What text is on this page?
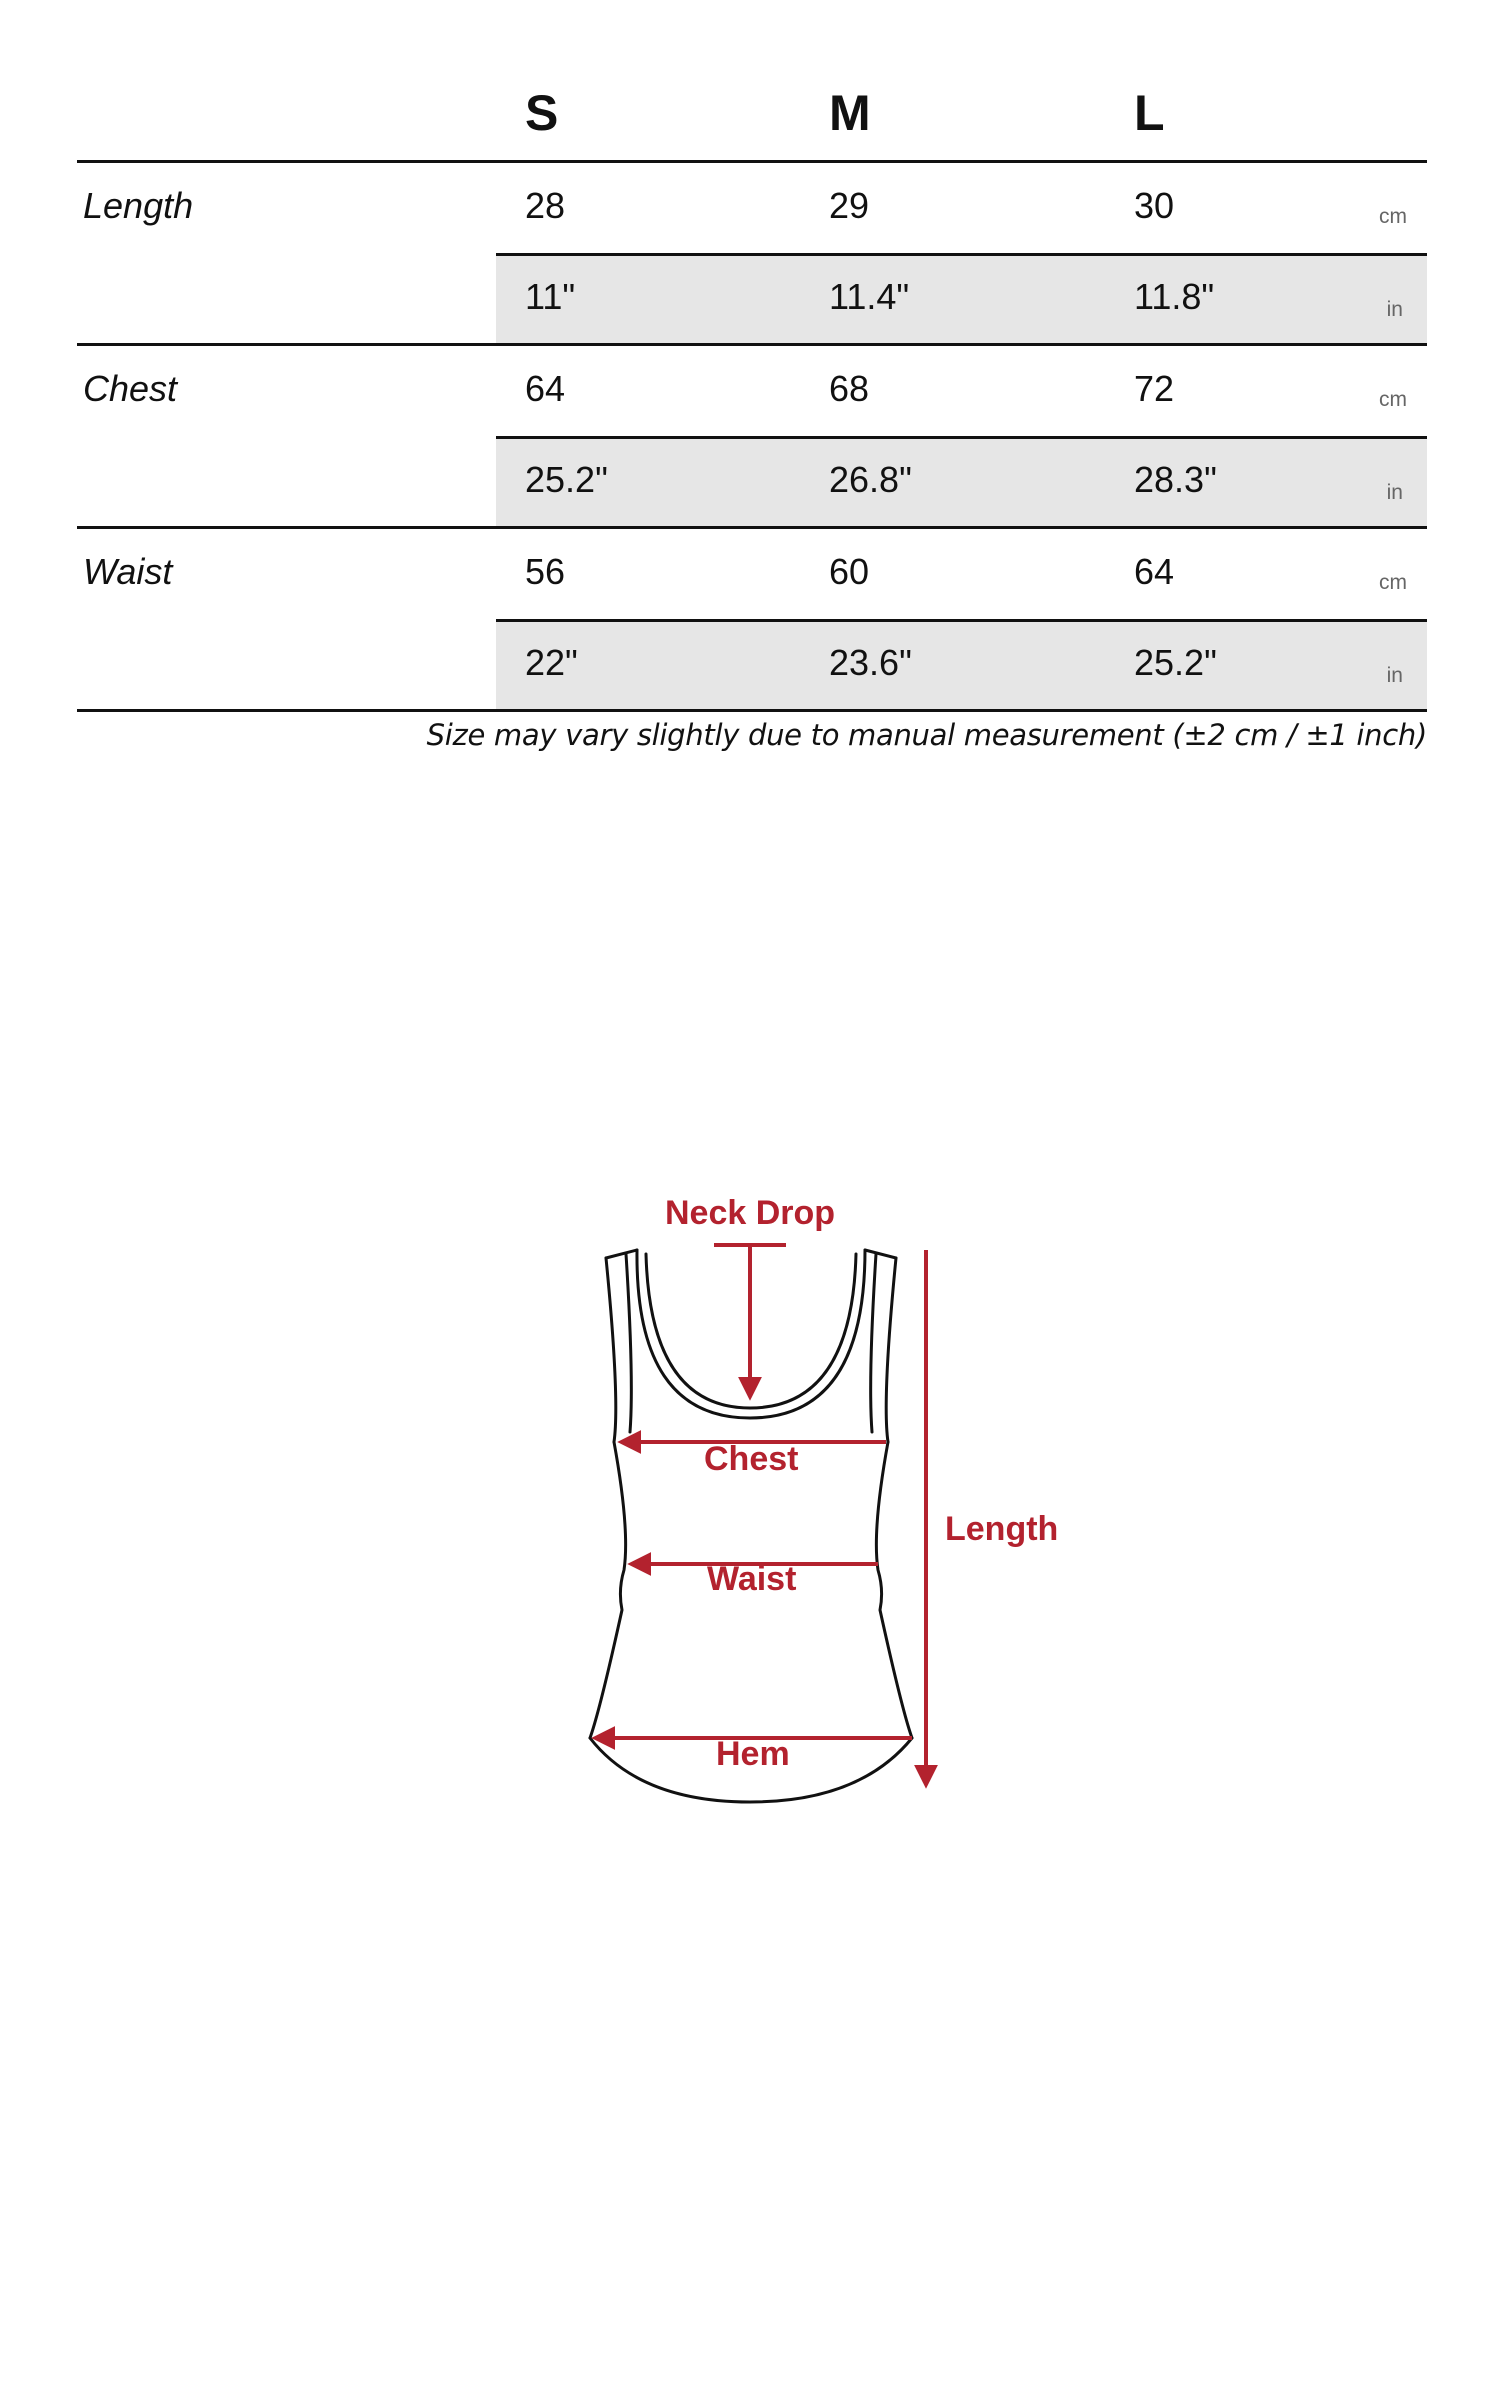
S	M	L
Length	28	29	30	cm
11"	11.4"	11.8"	in
Chest	64	68	72	cm
25.2"	26.8"	28.3"	in
Waist	56	60	64	cm
22"	23.6"	25.2"	in
Size may vary slightly due to manual measurement (±2 cm / ±1 inch)
Neck Drop
Chest
Waist
Hem
Length
